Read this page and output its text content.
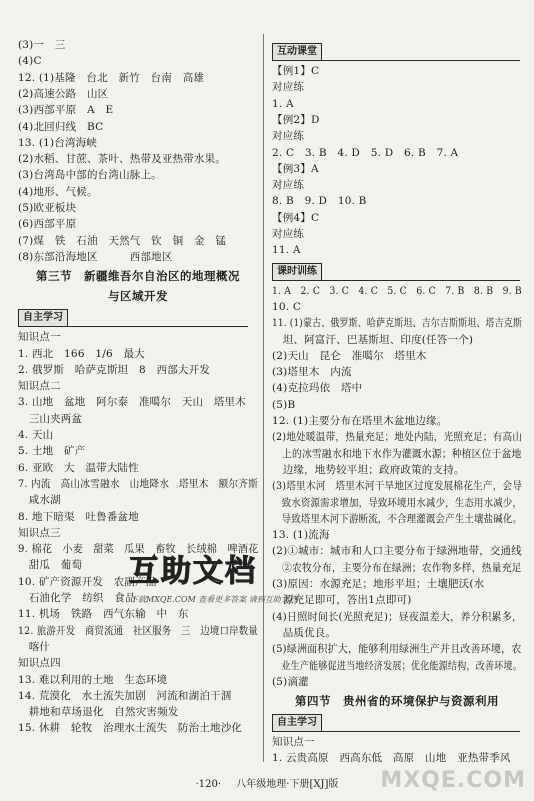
(3)一　三
(4)C
12. (1)基隆　台北　新竹　台南　高雄
(2)高速公路　山区
(3)西部平原　A　E
(4)北回归线　BC
13. (1)台湾海峡
(2)水稻、甘蔗、茶叶、热带及亚热带水果。
(3)台湾岛中部的台湾山脉上。
(4)地形、气候。
(5)欧亚板块
(6)西部平原
(7)煤　铁　石油　天然气　钦　铜　金　锰
(8)东部沿海地区　　　西部地区
第三节　新疆维吾尔自治区的地理概况
与区域开发
自主学习
知识点一
1. 西北　166　1/6　最大
2. 俄罗斯　哈萨克斯坦　8　西部大开发
知识点二
3. 山地　盆地　阿尔泰　准噶尔　天山　塔里木
　三山夹两盆
4. 天山
5. 土地　矿产
6. 亚欧　大　温带大陆性
7. 内流　高山冰雪融水　山地降水　塔里木　额尔齐斯
　咸水湖
8. 地下暗渠　吐鲁番盆地
知识点三
9. 棉花　小麦　甜菜　瓜果　畜牧　长绒棉　啤酒花
　甜瓜　葡萄
10. 矿产资源开发　农副产品
　石油化学　纺织　食品　
11. 机场　铁路　西气东输　中　东
12. 旅游开发　商贸流通　社区服务　三　边境口岸数量
　喀什
知识点四
13. 难以利用的土地　生态环境
14. 荒漠化　水土流失加剧　河流和湖泊干涸
　耕地和草场退化　自然灾害频发
15. 休耕　轮牧　治理水土流失　防治土地沙化
互动课堂
【例1】C
对应练
1. A
【例2】D
对应练
2. C　3. B　4. D　5. D　6. B　7. A
【例3】A
对应练
8. B　9. D　10. B
【例4】C
对应练
11. A
课时训练
1. A　2. C　3. C　4. C　5. C　6. C　7. B　8. B　9. B
10. C
11. (1)蒙古、俄罗斯、哈萨克斯坦、吉尔吉斯斯坦、塔吉克斯
　坦、阿富汗、巴基斯坦、印度(任答一个)
(2)天山　昆仑　准噶尔　塔里木
(3)塔里木　内流
(4)克拉玛依　塔中
(5)B
12. (1)主要分布在塔里木盆地边缘。
(2)地处暖温带，热量充足；地处内陆，光照充足；有高山
　上的冰雪融水和地下水作为灌溉水源；种植区位于盆地
　边缘，地势较平坦；政府政策的支持。
(3)塔里木河　塔里木河干旱地区过度发展棉花生产，会导
　致水资源需求增加，导致环境用水减少，生态用水减少，
　导致塔里木河下游断流，不合理灌溉会产生土壤盐碱化。
13. (1)流海
(2)①城市：城市和人口主要分布于绿洲地带，交通线
　②农牧分布，主要分布在绿洲；农作物多样，热量充足
(3)原因：水源充足；地形平坦；土壤肥沃(水
　源充足即可，答出1点即可)
(4)日照时间长(光照充足)；昼夜温差大，养分积累多，
　品质优良。
(5)绿洲面积扩大，能够利用绿洲生产并且改善环境，农
　业生产能够促进当地经济发展；优化能源结构，改善环境。
(5)滴灌
第四节　贵州省的环境保护与资源利用
自主学习
知识点一
1. 云贵高原　西高东低　高原　山地　亚热带季风
互助文档
下载MXQE.COM 查看更多答案 请到互助文档
·120· 八年级地理·下册[XJ]版	MXQE.COM
